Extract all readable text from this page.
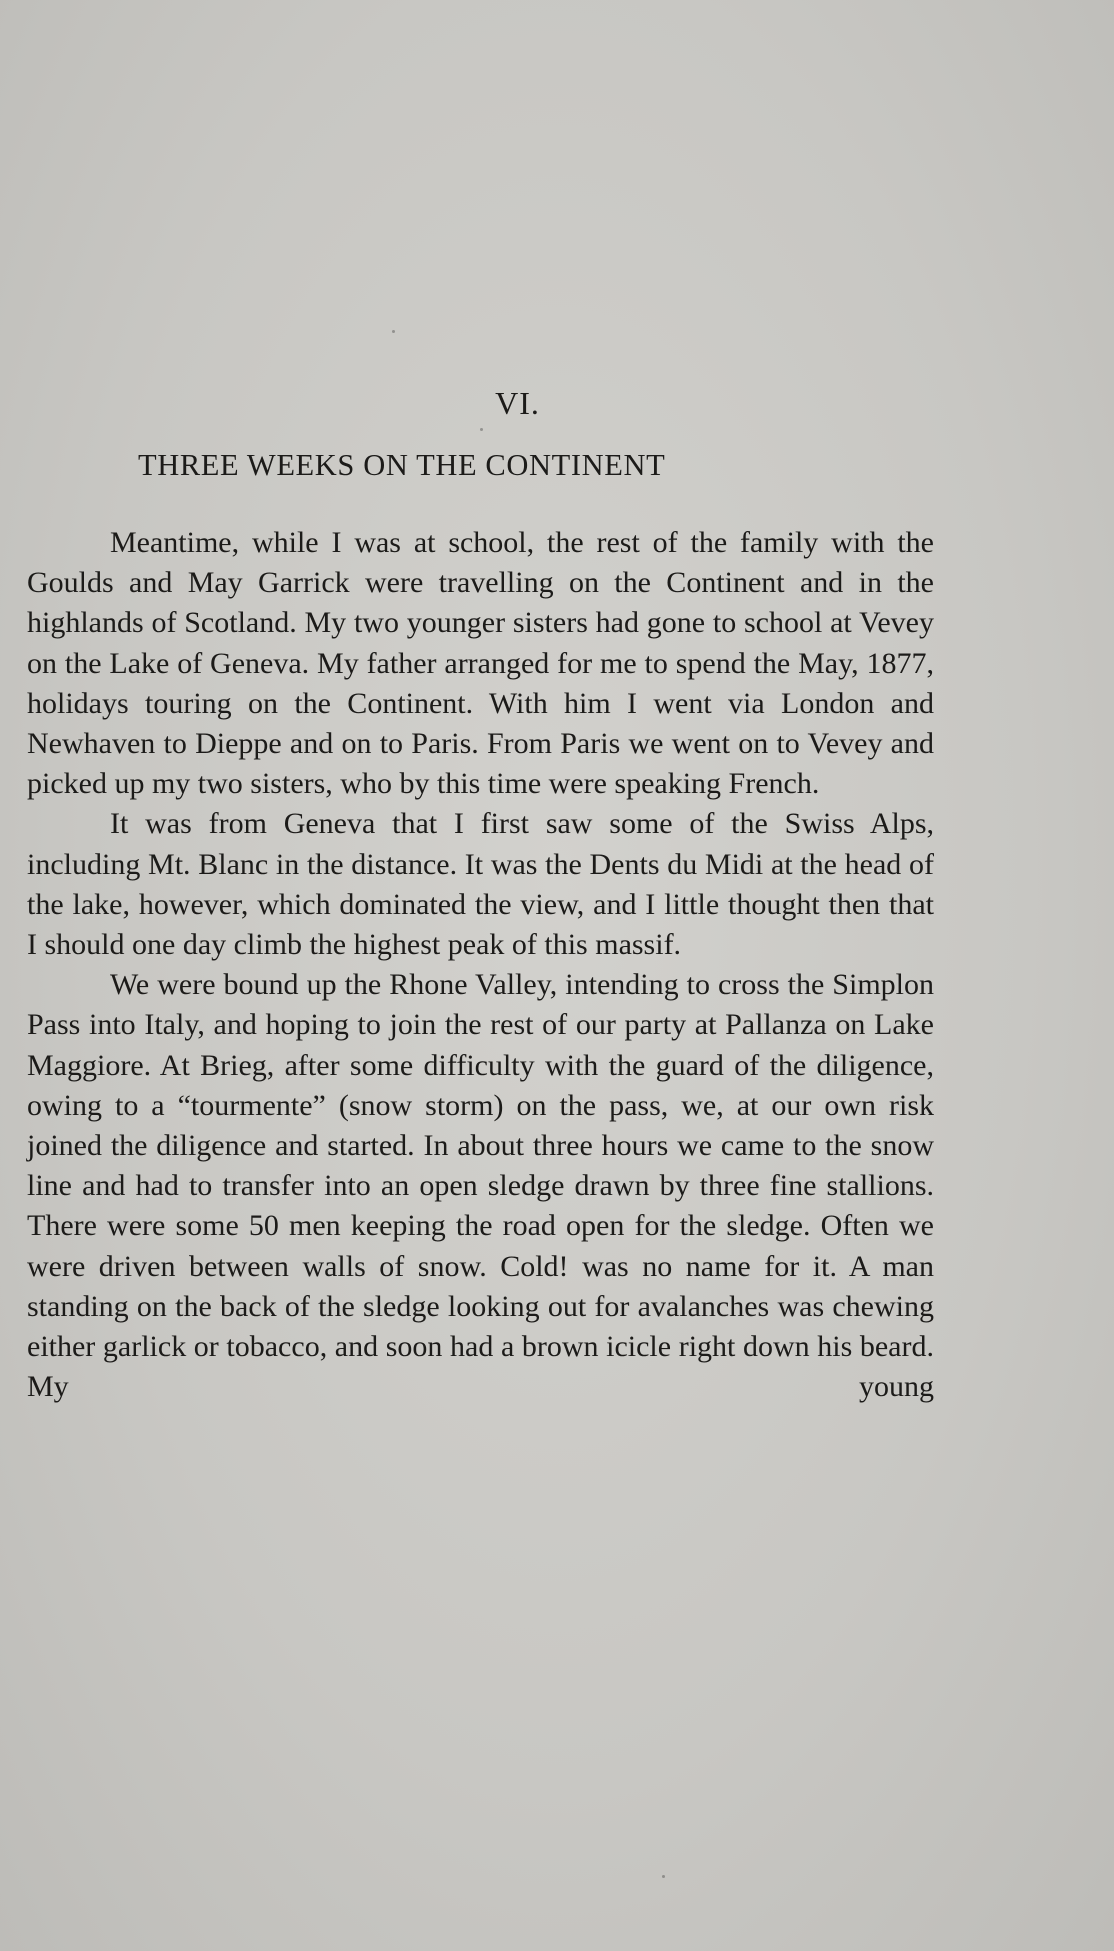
VI.
THREE WEEKS ON THE CONTINENT

Meantime, while I was at school, the rest of the family with the Goulds and May Garrick were travelling on the Continent and in the highlands of Scotland. My two younger sisters had gone to school at Vevey on the Lake of Geneva. My father arranged for me to spend the May, 1877, holidays touring on the Continent. With him I went via London and Newhaven to Dieppe and on to Paris. From Paris we went on to Vevey and picked up my two sisters, who by this time were speaking French.

It was from Geneva that I first saw some of the Swiss Alps, including Mt. Blanc in the distance. It was the Dents du Midi at the head of the lake, however, which dominated the view, and I little thought then that I should one day climb the highest peak of this massif.

We were bound up the Rhone Valley, intending to cross the Simplon Pass into Italy, and hoping to join the rest of our party at Pallanza on Lake Maggiore. At Brieg, after some difficulty with the guard of the diligence, owing to a “tourmente” (snow storm) on the pass, we, at our own risk joined the diligence and started. In about three hours we came to the snow line and had to transfer into an open sledge drawn by three fine stallions. There were some 50 men keeping the road open for the sledge. Often we were driven between walls of snow. Cold! was no name for it. A man standing on the back of the sledge looking out for avalanches was chewing either garlick or tobacco, and soon had a brown icicle right down his beard. My young
